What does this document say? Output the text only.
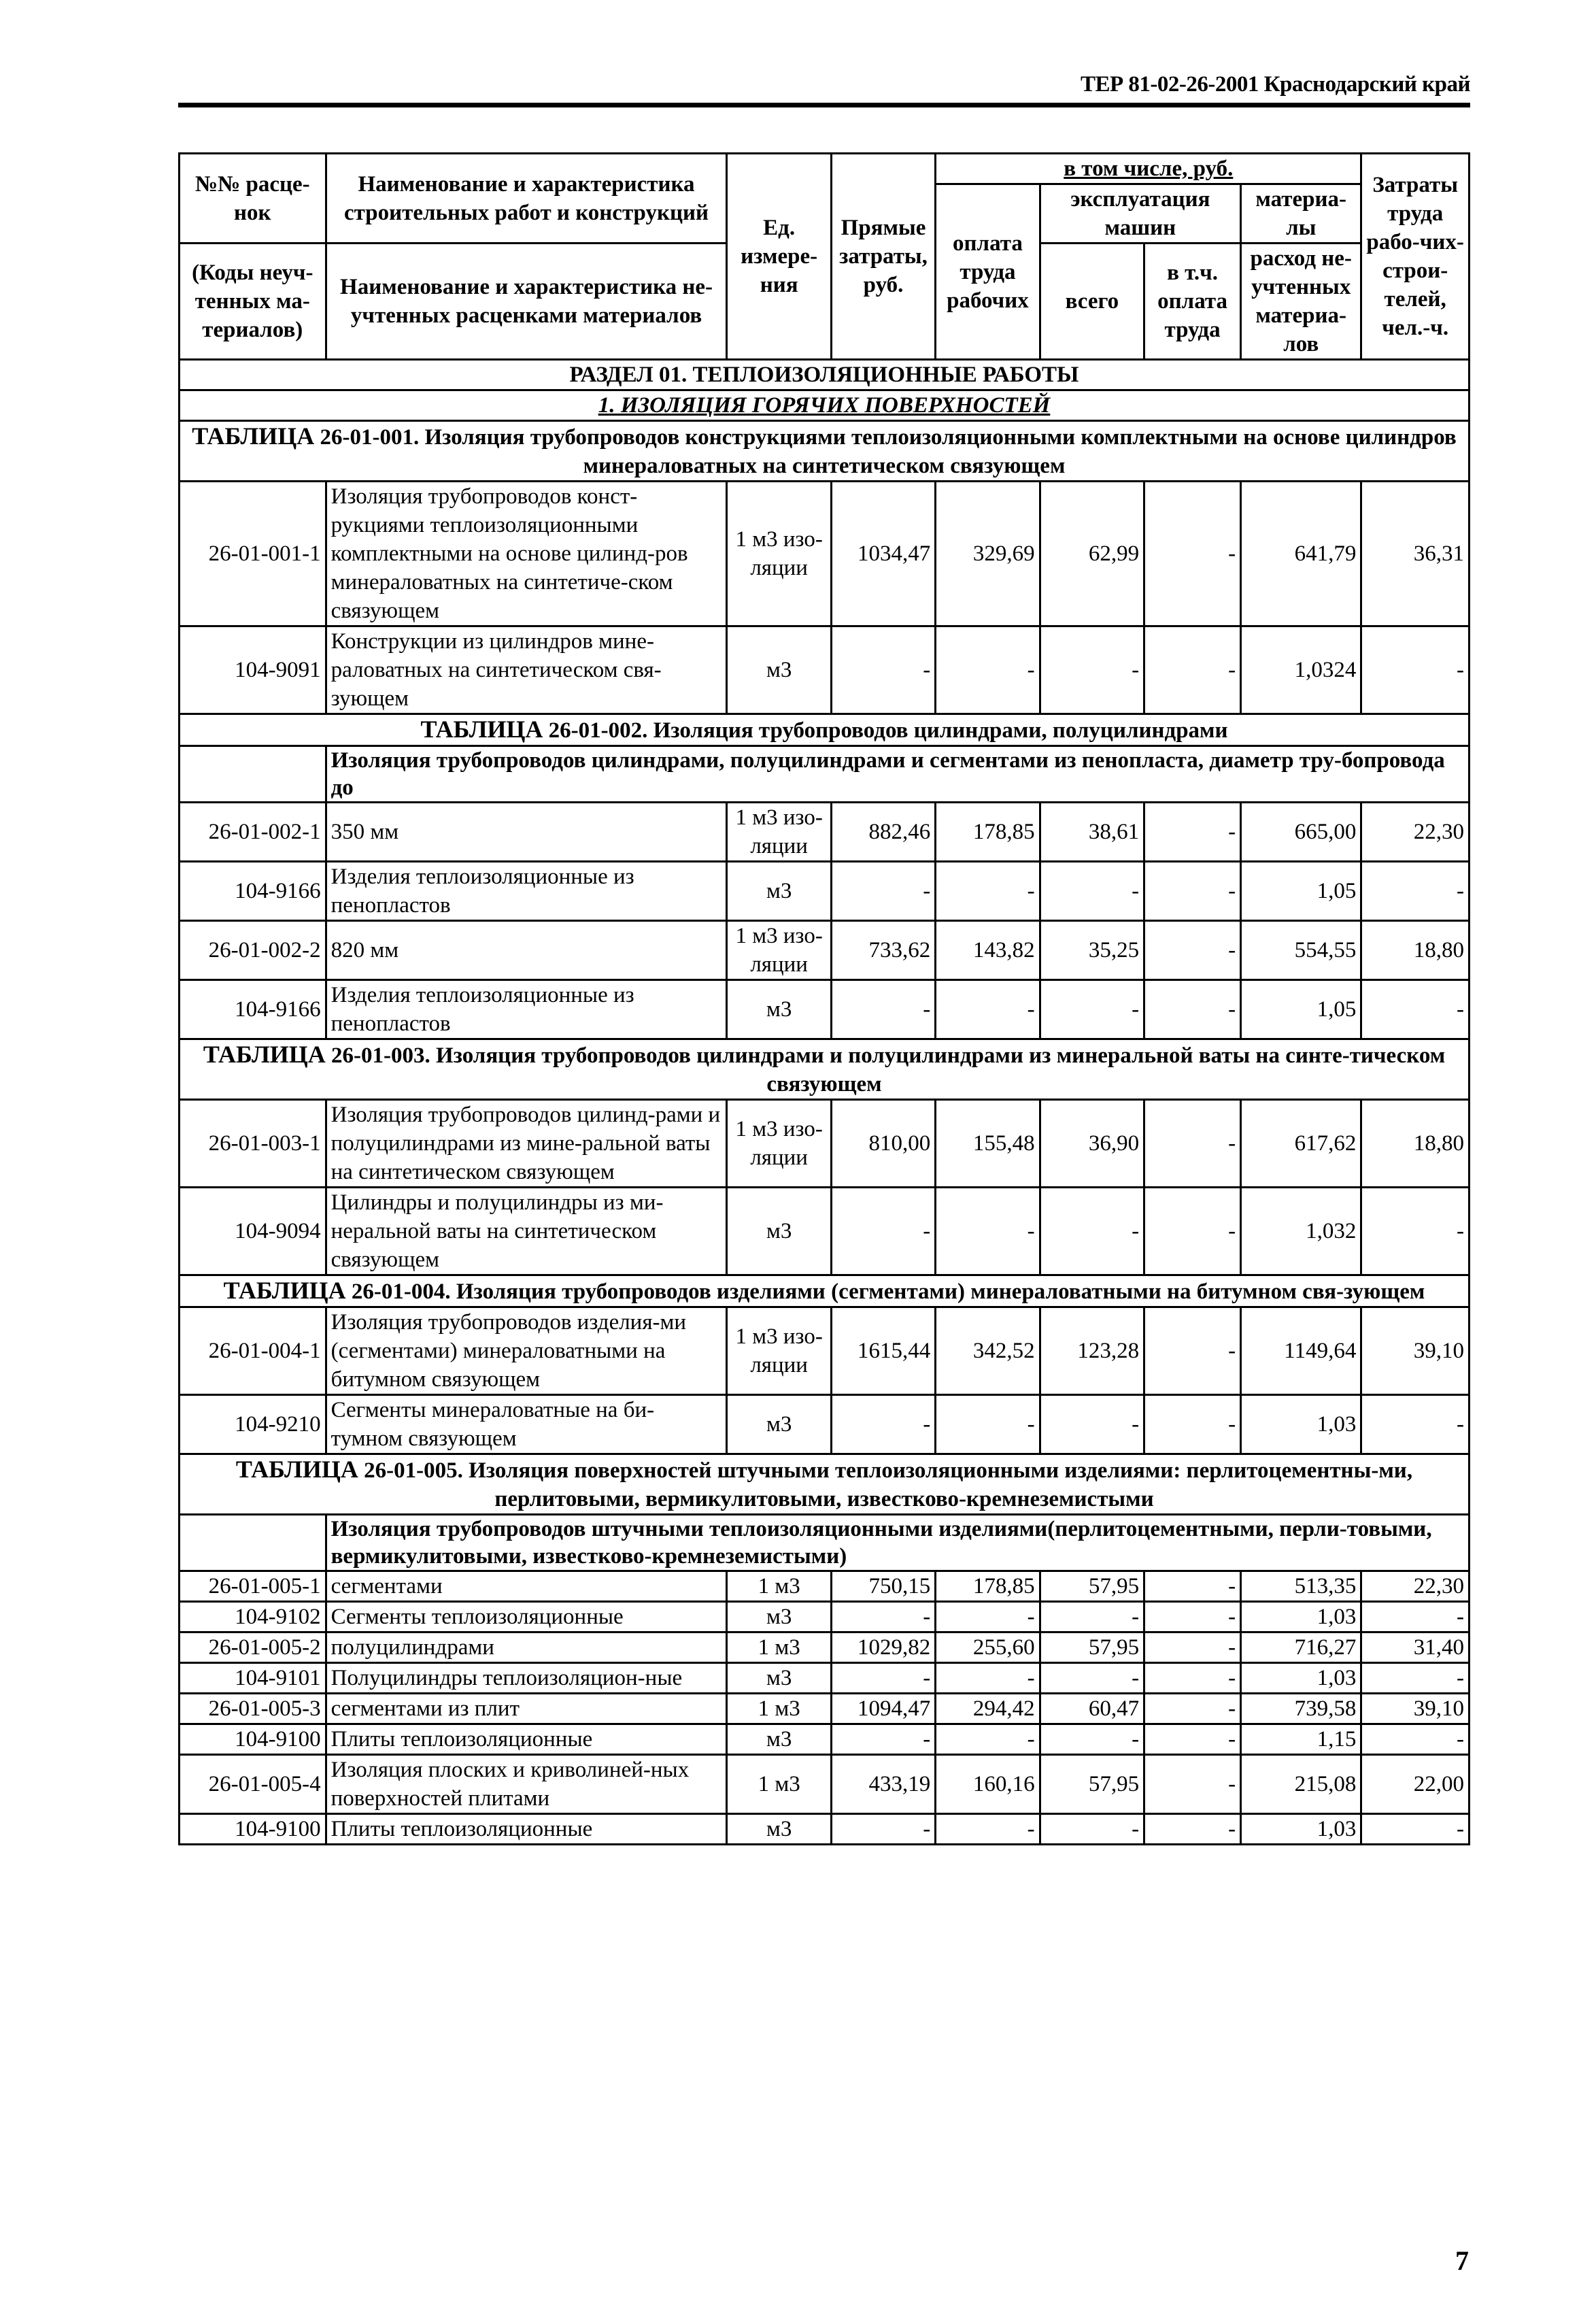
ТЕР 81-02-26-2001 Краснодарский край
№№ расце-нок	Наименование и характеристика строительных работ и конструкций	Ед. измере-ния	Прямые затраты, руб.	в том числе, руб.				Затраты труда рабо-чих-строи-телей, чел.-ч.
				оплата труда рабочих	эксплуатация машин		материа-лы	

(Коды неуч-тенных ма-териалов)	Наименование и характеристика не-учтенных расценками материалов				всего	в т.ч. оплата труда	расход не-учтенных материа-лов	

РАЗДЕЛ 01. ТЕПЛОИЗОЛЯЦИОННЫЕ РАБОТЫ								
1. ИЗОЛЯЦИЯ ГОРЯЧИХ ПОВЕРХНОСТЕЙ								
ТАБЛИЦА 26-01-001. Изоляция трубопроводов конструкциями теплоизоляционными комплектными на основе цилиндров минераловатных на синтетическом связующем								
26-01-001-1	Изоляция трубопроводов конст-рукциями теплоизоляционными комплектными на основе цилинд-ров минераловатных на синтетиче-ском связующем	1 м3 изо-ляции	1034,47	329,69	62,99	-	641,79	36,31
104-9091	Конструкции из цилиндров мине-раловатных на синтетическом свя-зующем	м3	-	-	-	-	1,0324	-
ТАБЛИЦА 26-01-002. Изоляция трубопроводов цилиндрами, полуцилиндрами								
	Изоляция трубопроводов цилиндрами, полуцилиндрами и сегментами из пенопласта, диаметр тру-бопровода до							
26-01-002-1	350 мм	1 м3 изо-ляции	882,46	178,85	38,61	-	665,00	22,30
104-9166	Изделия теплоизоляционные из пенопластов	м3	-	-	-	-	1,05	-
26-01-002-2	820 мм	1 м3 изо-ляции	733,62	143,82	35,25	-	554,55	18,80
104-9166	Изделия теплоизоляционные из пенопластов	м3	-	-	-	-	1,05	-
ТАБЛИЦА 26-01-003. Изоляция трубопроводов цилиндрами и полуцилиндрами из минеральной ваты на синте-тическом связующем								
26-01-003-1	Изоляция трубопроводов цилинд-рами и полуцилиндрами из мине-ральной ваты на синтетическом связующем	1 м3 изо-ляции	810,00	155,48	36,90	-	617,62	18,80
104-9094	Цилиндры и полуцилиндры из ми-неральной ваты на синтетическом связующем	м3	-	-	-	-	1,032	-
ТАБЛИЦА 26-01-004. Изоляция трубопроводов изделиями (сегментами) минераловатными на битумном свя-зующем								
26-01-004-1	Изоляция трубопроводов изделия-ми (сегментами) минераловатными на битумном связующем	1 м3 изо-ляции	1615,44	342,52	123,28	-	1149,64	39,10
104-9210	Сегменты минераловатные на би-тумном связующем	м3	-	-	-	-	1,03	-
ТАБЛИЦА 26-01-005. Изоляция поверхностей штучными теплоизоляционными изделиями: перлитоцементны-ми, перлитовыми, вермикулитовыми, известково-кремнеземистыми								
	Изоляция трубопроводов штучными теплоизоляционными изделиями(перлитоцементными, перли-товыми, вермикулитовыми, известково-кремнеземистыми)							
26-01-005-1	сегментами	1 м3	750,15	178,85	57,95	-	513,35	22,30
104-9102	Сегменты теплоизоляционные	м3	-	-	-	-	1,03	-
26-01-005-2	полуцилиндрами	1 м3	1029,82	255,60	57,95	-	716,27	31,40
104-9101	Полуцилиндры теплоизоляцион-ные	м3	-	-	-	-	1,03	-
26-01-005-3	сегментами из плит	1 м3	1094,47	294,42	60,47	-	739,58	39,10
104-9100	Плиты теплоизоляционные	м3	-	-	-	-	1,15	-
26-01-005-4	Изоляция плоских и криволиней-ных поверхностей плитами	1 м3	433,19	160,16	57,95	-	215,08	22,00
104-9100	Плиты теплоизоляционные	м3	-	-	-	-	1,03	-
7
